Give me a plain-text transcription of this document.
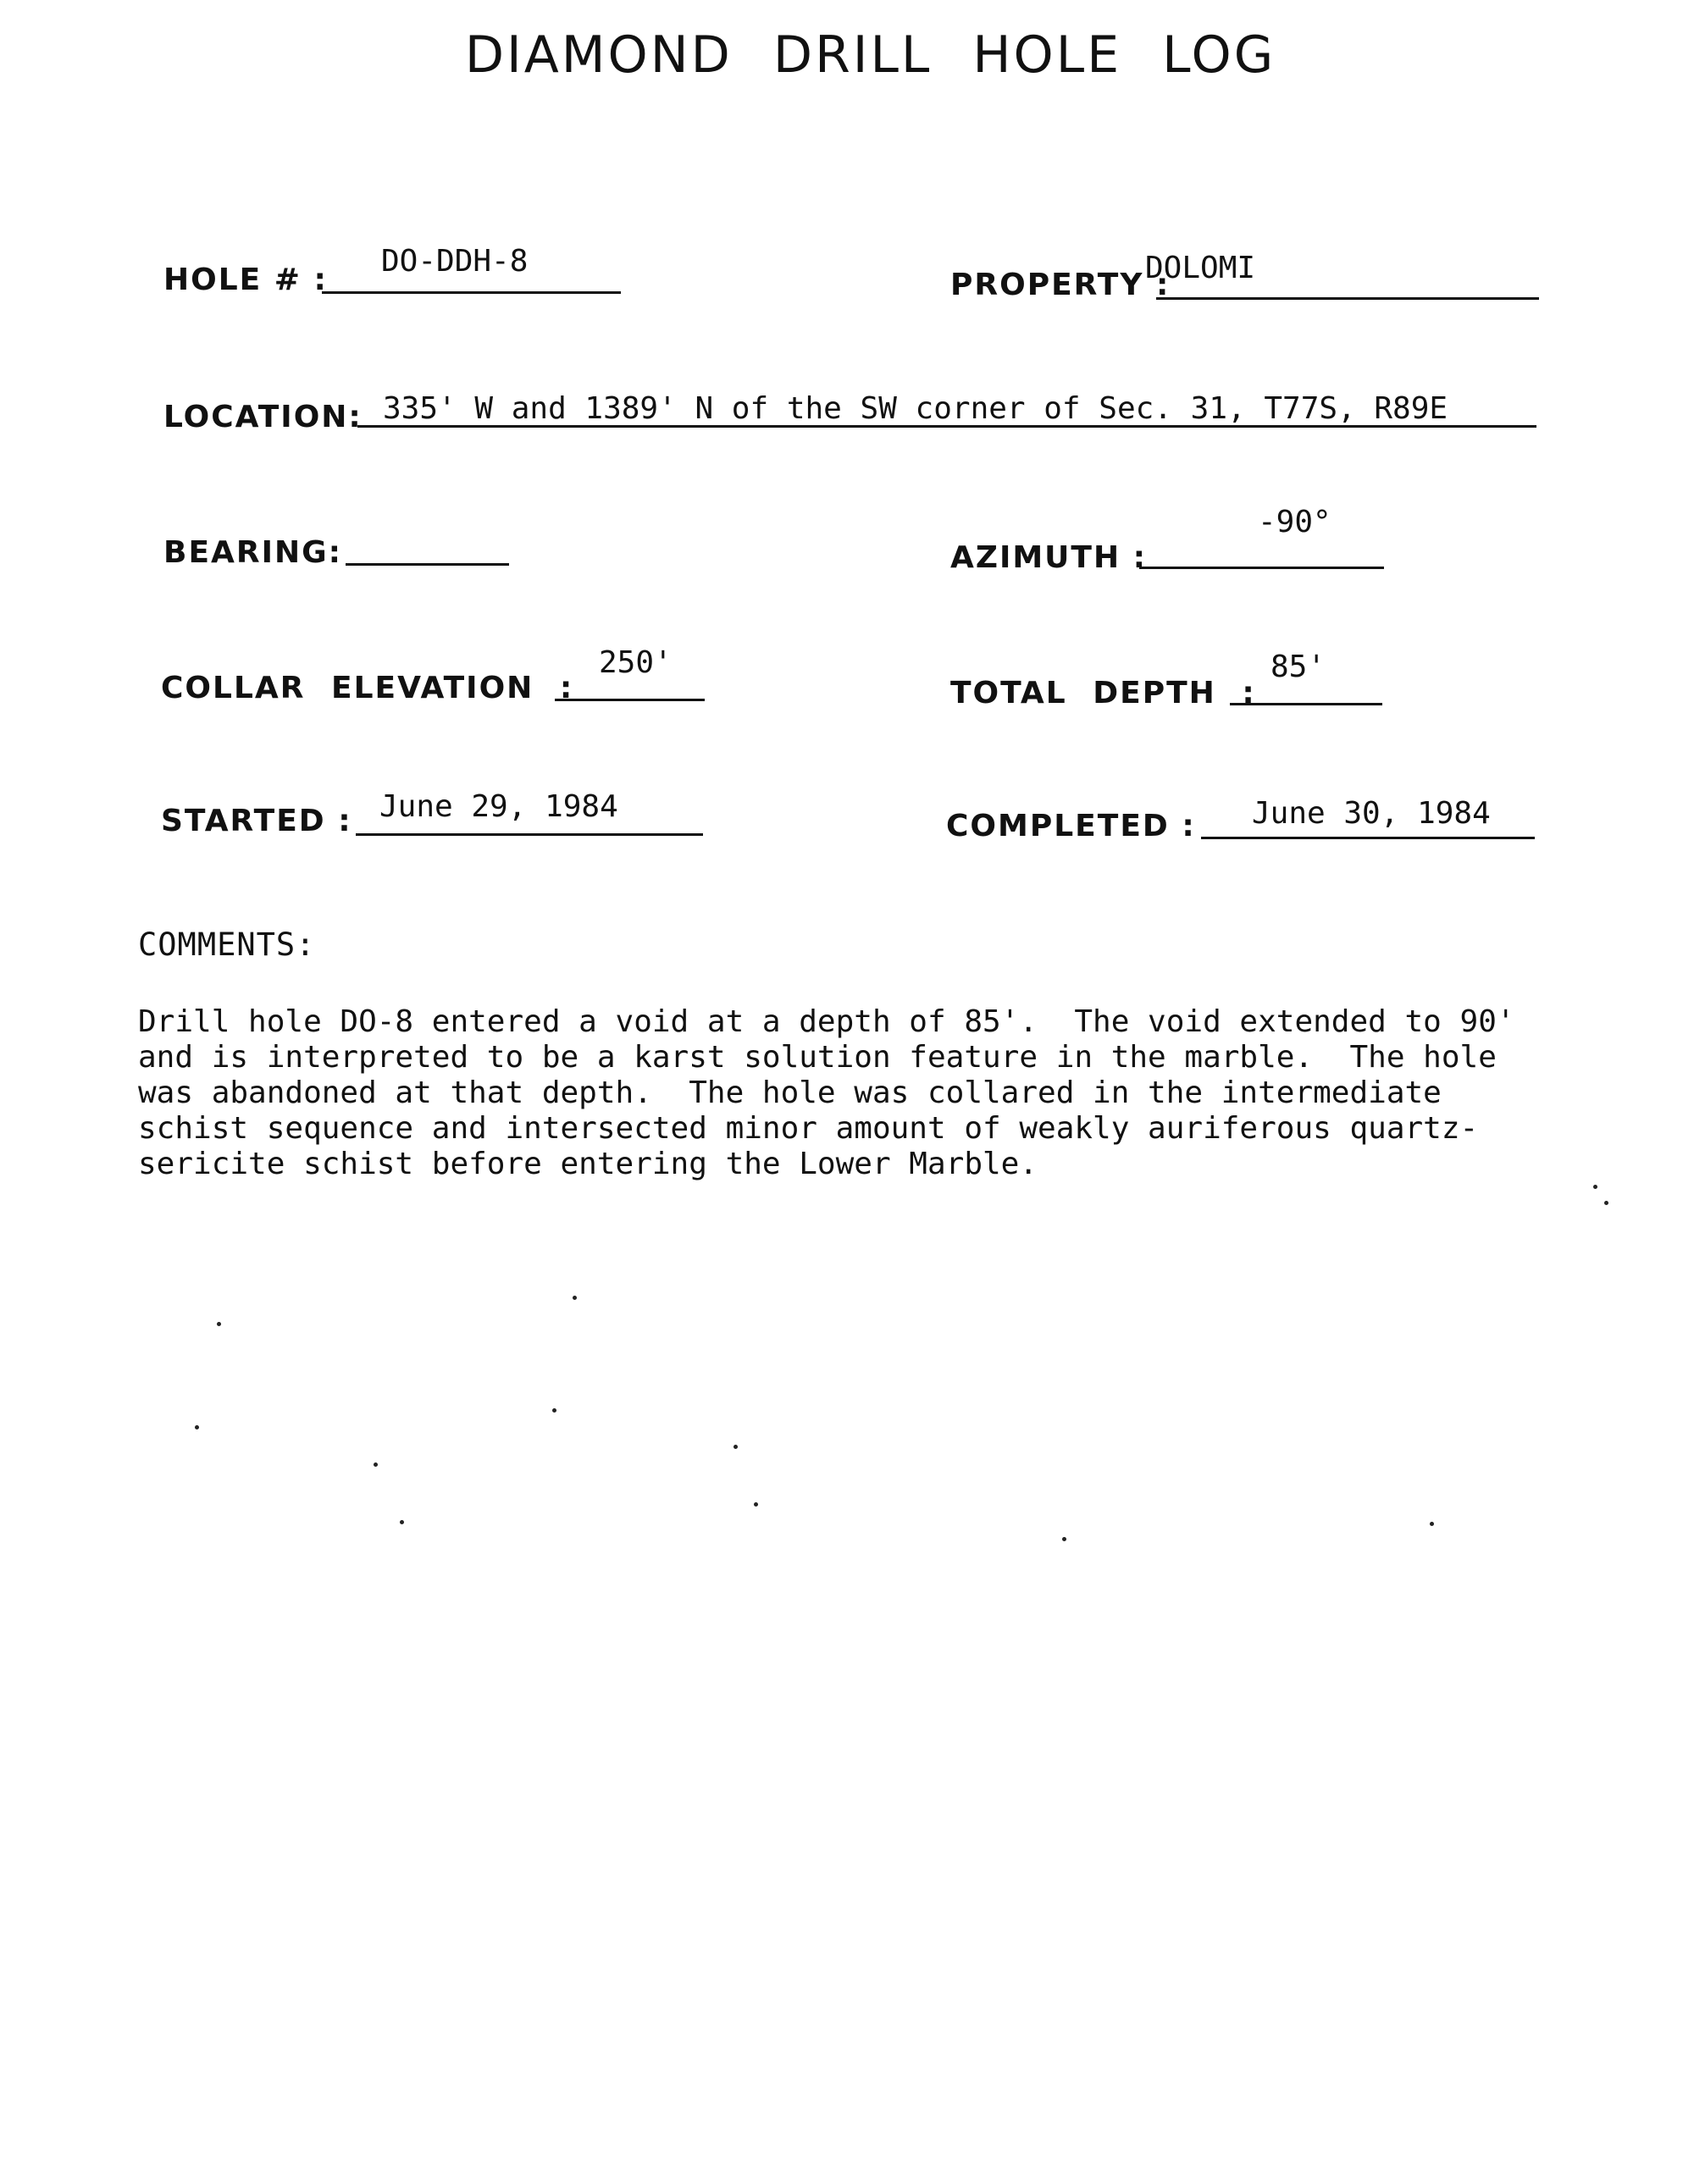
DIAMOND DRILL HOLE LOG
HOLE # :
DO-DDH-8
PROPERTY :
DOLOMI
LOCATION: 335' W and 1389' N of the SW corner of Sec. 31, T77S, R89E
BEARING:	AZIMUTH :
-90°
COLLAR ELEVATION :
250'
TOTAL DEPTH :
85'
STARTED : June 29, 1984
COMPLETED : June 30, 1984
COMMENTS:
Drill hole DO-8 entered a void at a depth of 85'.  The void extended to 90'
and is interpreted to be a karst solution feature in the marble.  The hole
was abandoned at that depth.  The hole was collared in the intermediate
schist sequence and intersected minor amount of weakly auriferous quartz-
sericite schist before entering the Lower Marble.
